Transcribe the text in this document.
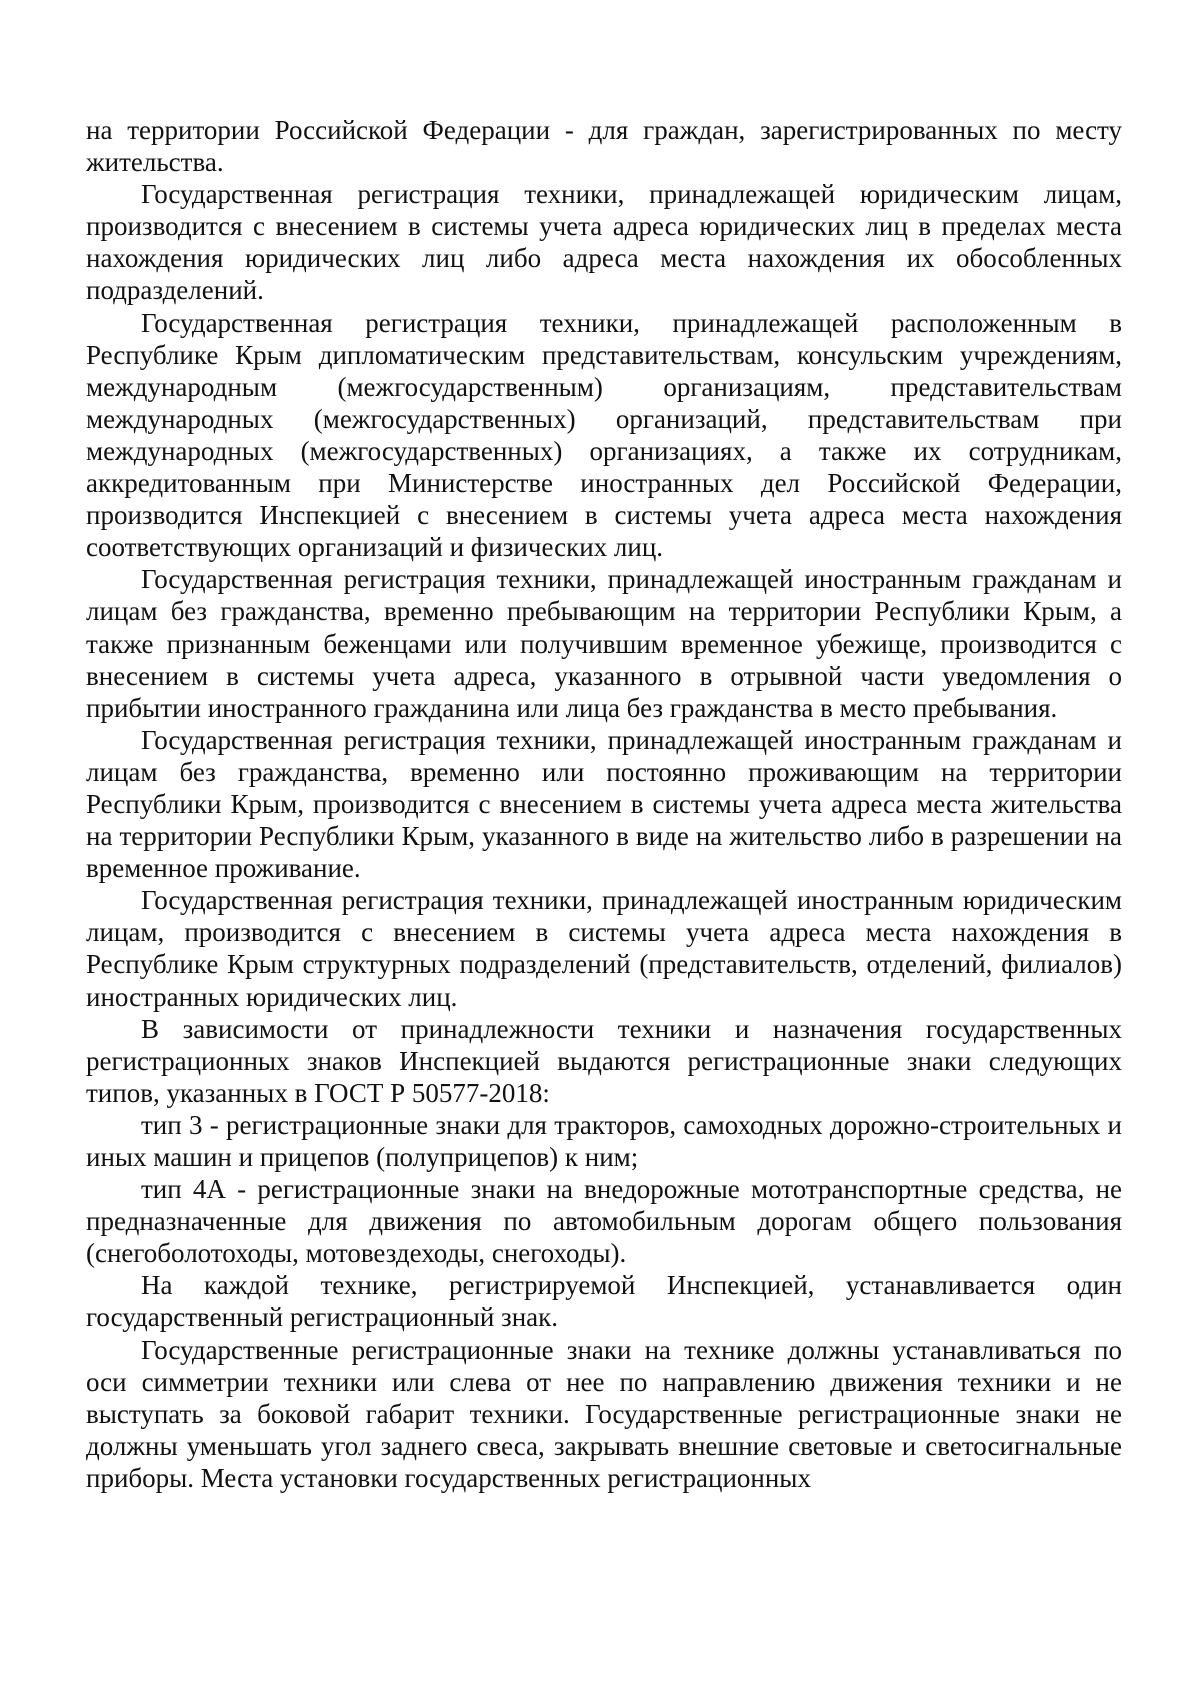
на территории Российской Федерации - для граждан, зарегистрированных по месту жительства.

Государственная регистрация техники, принадлежащей юридическим лицам, производится с внесением в системы учета адреса юридических лиц в пределах места нахождения юридических лиц либо адреса места нахождения их обособленных подразделений.

Государственная регистрация техники, принадлежащей расположенным в Республике Крым дипломатическим представительствам, консульским учреждениям, международным (межгосударственным) организациям, представительствам международных (межгосударственных) организаций, представительствам при международных (межгосударственных) организациях, а также их сотрудникам, аккредитованным при Министерстве иностранных дел Российской Федерации, производится Инспекцией с внесением в системы учета адреса места нахождения соответствующих организаций и физических лиц.

Государственная регистрация техники, принадлежащей иностранным гражданам и лицам без гражданства, временно пребывающим на территории Республики Крым, а также признанным беженцами или получившим временное убежище, производится с внесением в системы учета адреса, указанного в отрывной части уведомления о прибытии иностранного гражданина или лица без гражданства в место пребывания.

Государственная регистрация техники, принадлежащей иностранным гражданам и лицам без гражданства, временно или постоянно проживающим на территории Республики Крым, производится с внесением в системы учета адреса места жительства на территории Республики Крым, указанного в виде на жительство либо в разрешении на временное проживание.

Государственная регистрация техники, принадлежащей иностранным юридическим лицам, производится с внесением в системы учета адреса места нахождения в Республике Крым структурных подразделений (представительств, отделений, филиалов) иностранных юридических лиц.

В зависимости от принадлежности техники и назначения государственных регистрационных знаков Инспекцией выдаются регистрационные знаки следующих типов, указанных в ГОСТ Р 50577-2018:

тип 3 - регистрационные знаки для тракторов, самоходных дорожно-строительных и иных машин и прицепов (полуприцепов) к ним;

тип 4А - регистрационные знаки на внедорожные мототранспортные средства, не предназначенные для движения по автомобильным дорогам общего пользования (снегоболотоходы, мотовездеходы, снегоходы).

На каждой технике, регистрируемой Инспекцией, устанавливается один государственный регистрационный знак.

Государственные регистрационные знаки на технике должны устанавливаться по оси симметрии техники или слева от нее по направлению движения техники и не выступать за боковой габарит техники. Государственные регистрационные знаки не должны уменьшать угол заднего свеса, закрывать внешние световые и светосигнальные приборы. Места установки государственных регистрационных
